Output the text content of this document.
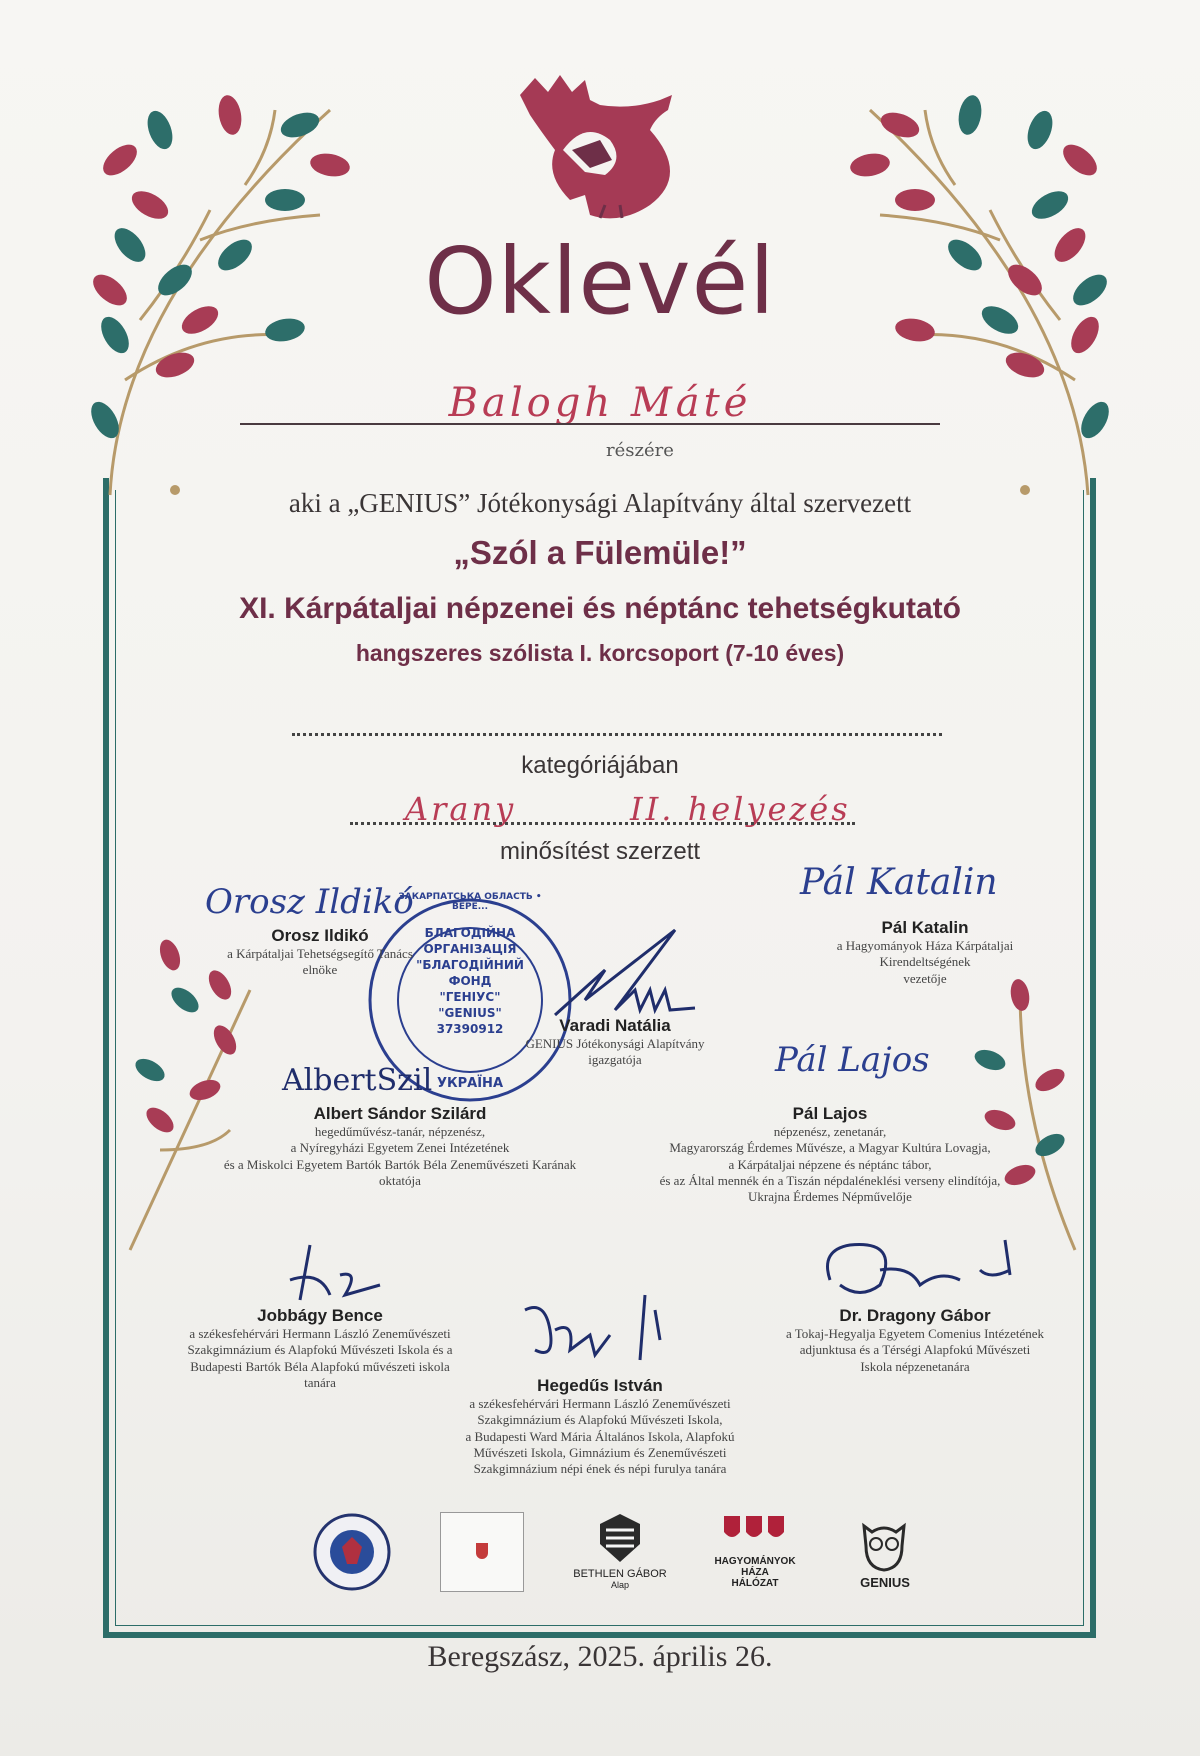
БЛАГОДІЙНА
ОРГАНІЗАЦІЯ
"БЛАГОДІЙНИЙ
ФОНД
"ГЕНІУС"
"GENIUS"
37390912
УКРАЇНА
ЗАКАРПАТСЬКА ОБЛАСТЬ • ВЕРЕ...
Oklevél
Balogh Máté
részére
aki a „GENIUS” Jótékonysági Alapítvány által szervezett
„Szól a Fülemüle!”
XI. Kárpátaljai népzenei és néptánc tehetségkutató
hangszeres szólista I. korcsoport (7-10 éves)
kategóriájában
Arany	II. helyezés
minősítést szerzett
Orosz Ildikó
Orosz Ildikó
a Kárpátaljai Tehetségsegítő Tanács
elnöke
Pál Katalin
Pál Katalin
a Hagyományok Háza Kárpátaljai
Kirendeltségének
vezetője
Varadi Natália
GENIUS Jótékonysági Alapítvány
igazgatója
AlbertSzil
Albert Sándor Szilárd
hegedűművész-tanár, népzenész,
a Nyíregyházi Egyetem Zenei Intézetének
és a Miskolci Egyetem Bartók Bartók Béla Zeneművészeti Karának
oktatója
Pál Lajos
Pál Lajos
népzenész, zenetanár,
Magyarország Érdemes Művésze, a Magyar Kultúra Lovagja,
a Kárpátaljai népzene és néptánc tábor,
és az Által mennék én a Tiszán népdaléneklési verseny elindítója,
Ukrajna Érdemes Népművelője
Jobbágy Bence
a székesfehérvári Hermann László Zeneművészeti
Szakgimnázium és Alapfokú Művészeti Iskola és a
Budapesti Bartók Béla Alapfokú művészeti iskola
tanára
Dr. Dragony Gábor
a Tokaj-Hegyalja Egyetem Comenius Intézetének
adjunktusa és a Térségi Alapfokú Művészeti
Iskola népzenetanára
Hegedűs István
a székesfehérvári Hermann László Zeneművészeti
Szakgimnázium és Alapfokú Művészeti Iskola,
a Budapesti Ward Mária Általános Iskola, Alapfokú
Művészeti Iskola, Gimnázium és Zeneművészeti
Szakgimnázium népi ének és népi furulya tanára
BETHLEN GÁBOR
Alap
HAGYOMÁNYOK
HÁZA
HÁLÓZAT	GENIUS
Beregszász, 2025. április 26.
